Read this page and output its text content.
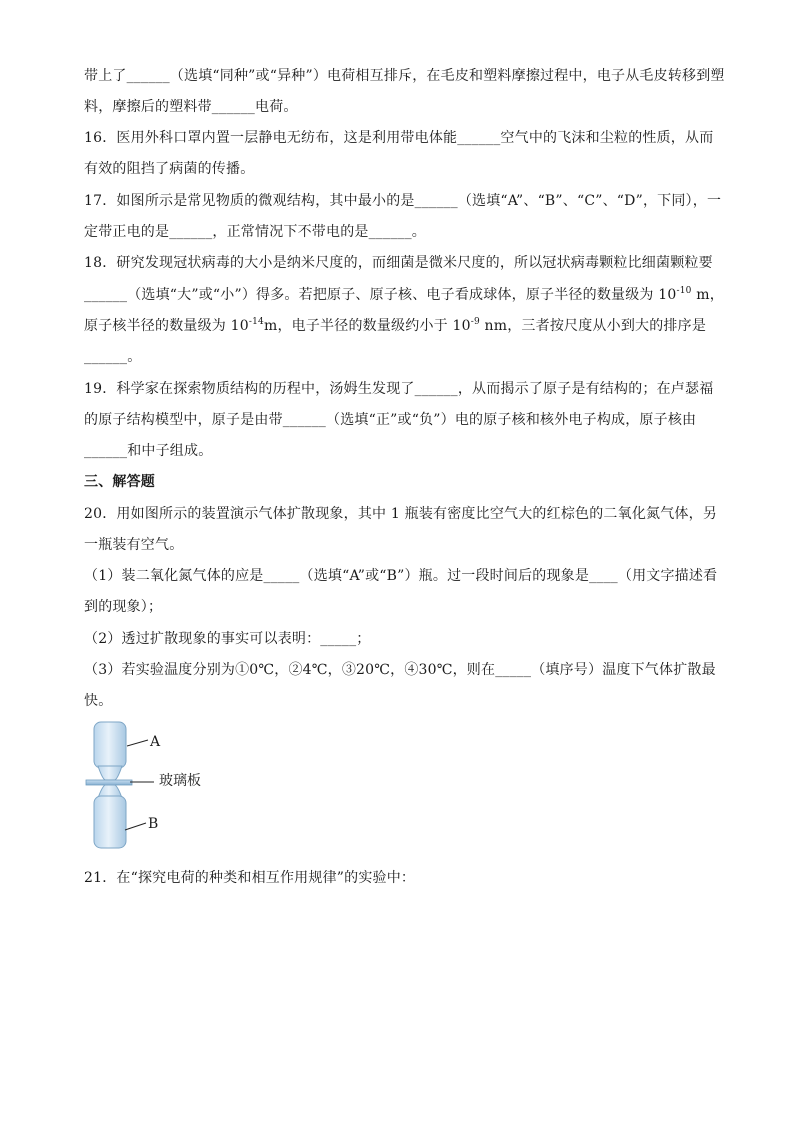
带上了______（选填“同种”或“异种”）电荷相互排斥，在毛皮和塑料摩擦过程中，电子从毛皮转移到塑
料，摩擦后的塑料带______电荷。
16．医用外科口罩内置一层静电无纺布，这是利用带电体能______空气中的飞沫和尘粒的性质，从而
有效的阻挡了病菌的传播。
17．如图所示是常见物质的微观结构，其中最小的是______（选填“A”、“B”、“C”、“D”，下同），一
定带正电的是______，正常情况下不带电的是______。
18．研究发现冠状病毒的大小是纳米尺度的，而细菌是微米尺度的，所以冠状病毒颗粒比细菌颗粒要
______（选填“大”或“小”）得多。若把原子、原子核、电子看成球体，原子半径的数量级为 $10^{-10}$ m，
原子核半径的数量级为 $10^{-14}m$，电子半径的数量级约小于 $10^{-9}$ nm，三者按尺度从小到大的排序是
______。
19．科学家在探索物质结构的历程中，汤姆生发现了______，从而揭示了原子是有结构的；在卢瑟福
的原子结构模型中，原子是由带______（选填“正”或“负”）电的原子核和核外电子构成，原子核由
______和中子组成。
三、解答题
20．用如图所示的装置演示气体扩散现象，其中 1 瓶装有密度比空气大的红棕色的二氧化氮气体，另
一瓶装有空气。
（1）装二氧化氮气体的应是_____（选填“A”或“B”）瓶。过一段时间后的现象是____（用文字描述看
到的现象）；
（2）透过扩散现象的事实可以表明：_____；
（3）若实验温度分别为①0℃，②4℃，③20℃，④30℃，则在_____（填序号）温度下气体扩散最
快。
A
玻璃板
B
21．在“探究电荷的种类和相互作用规律”的实验中：
